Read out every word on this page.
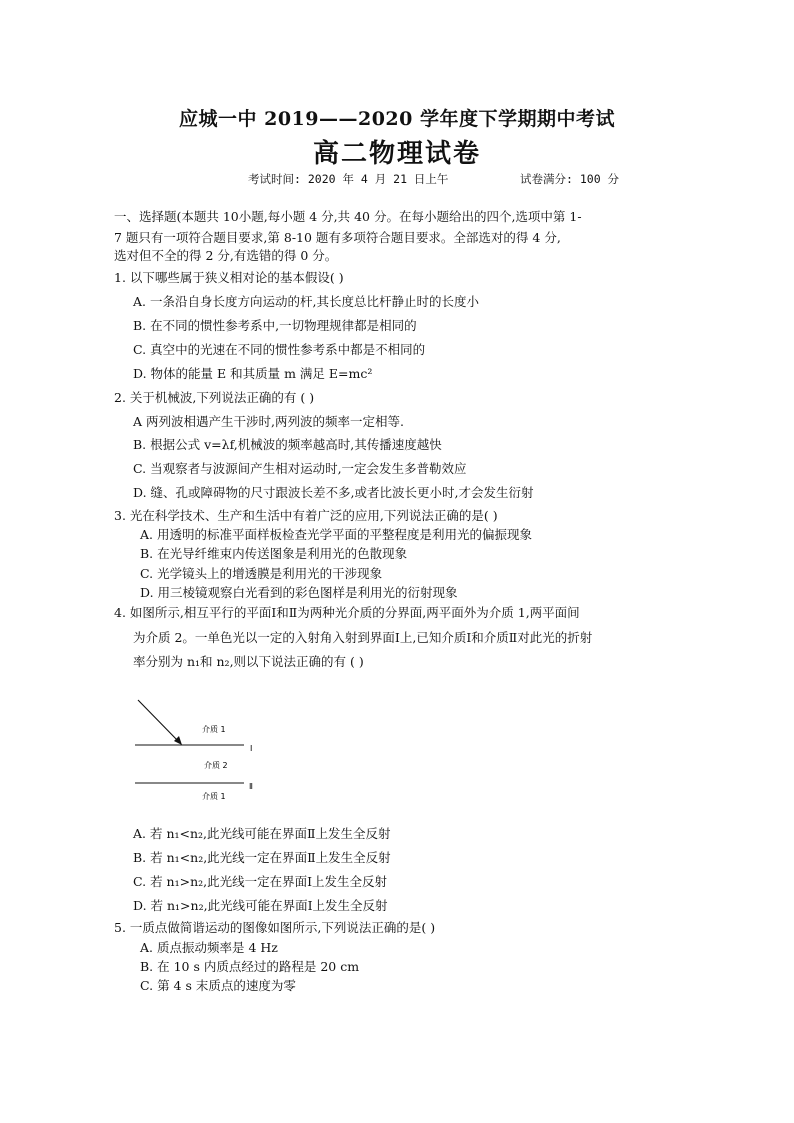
应城一中 2019——2020 学年度下学期期中考试
高二物理试卷
考试时间: 2020 年 4 月 21 日上午	试卷满分: 100 分
一、选择题(本题共 10小题,每小题 4 分,共 40 分。在每小题给出的四个,选项中第 1-
7 题只有一项符合题目要求,第 8-10 题有多项符合题目要求。全部选对的得 4 分,
选对但不全的得 2 分,有选错的得 0 分。
1. 以下哪些属于狭义相对论的基本假设( )
A. 一条沿自身长度方向运动的杆,其长度总比杆静止时的长度小
B. 在不同的惯性参考系中,一切物理规律都是相同的
C. 真空中的光速在不同的惯性参考系中都是不相同的
D. 物体的能量 E 和其质量 m 满足 E=mc²
2. 关于机械波,下列说法正确的有 ( )
A 两列波相遇产生干涉时,两列波的频率一定相等.
B. 根据公式 v=λf,机械波的频率越高时,其传播速度越快
C. 当观察者与波源间产生相对运动时,一定会发生多普勒效应
D. 缝、孔或障碍物的尺寸跟波长差不多,或者比波长更小时,才会发生衍射
3. 光在科学技术、生产和生活中有着广泛的应用,下列说法正确的是( )
A. 用透明的标准平面样板检查光学平面的平整程度是利用光的偏振现象
B. 在光导纤维束内传送图象是利用光的色散现象
C. 光学镜头上的增透膜是利用光的干涉现象
D. 用三棱镜观察白光看到的彩色图样是利用光的衍射现象
4. 如图所示,相互平行的平面Ⅰ和Ⅱ为两种光介质的分界面,两平面外为介质 1,两平面间
为介质 2。一单色光以一定的入射角入射到界面Ⅰ上,已知介质Ⅰ和介质Ⅱ对此光的折射
率分别为 n₁和 n₂,则以下说法正确的有 ( )
介质 1
介质 2
介质 1
Ⅰ
Ⅱ
A. 若 n₁<n₂,此光线可能在界面Ⅱ上发生全反射
B. 若 n₁<n₂,此光线一定在界面Ⅱ上发生全反射
C. 若 n₁>n₂,此光线一定在界面Ⅰ上发生全反射
D. 若 n₁>n₂,此光线可能在界面Ⅰ上发生全反射
5. 一质点做简谐运动的图像如图所示,下列说法正确的是( )
A. 质点振动频率是 4 Hz
B. 在 10 s 内质点经过的路程是 20 cm
C. 第 4 s 末质点的速度为零
